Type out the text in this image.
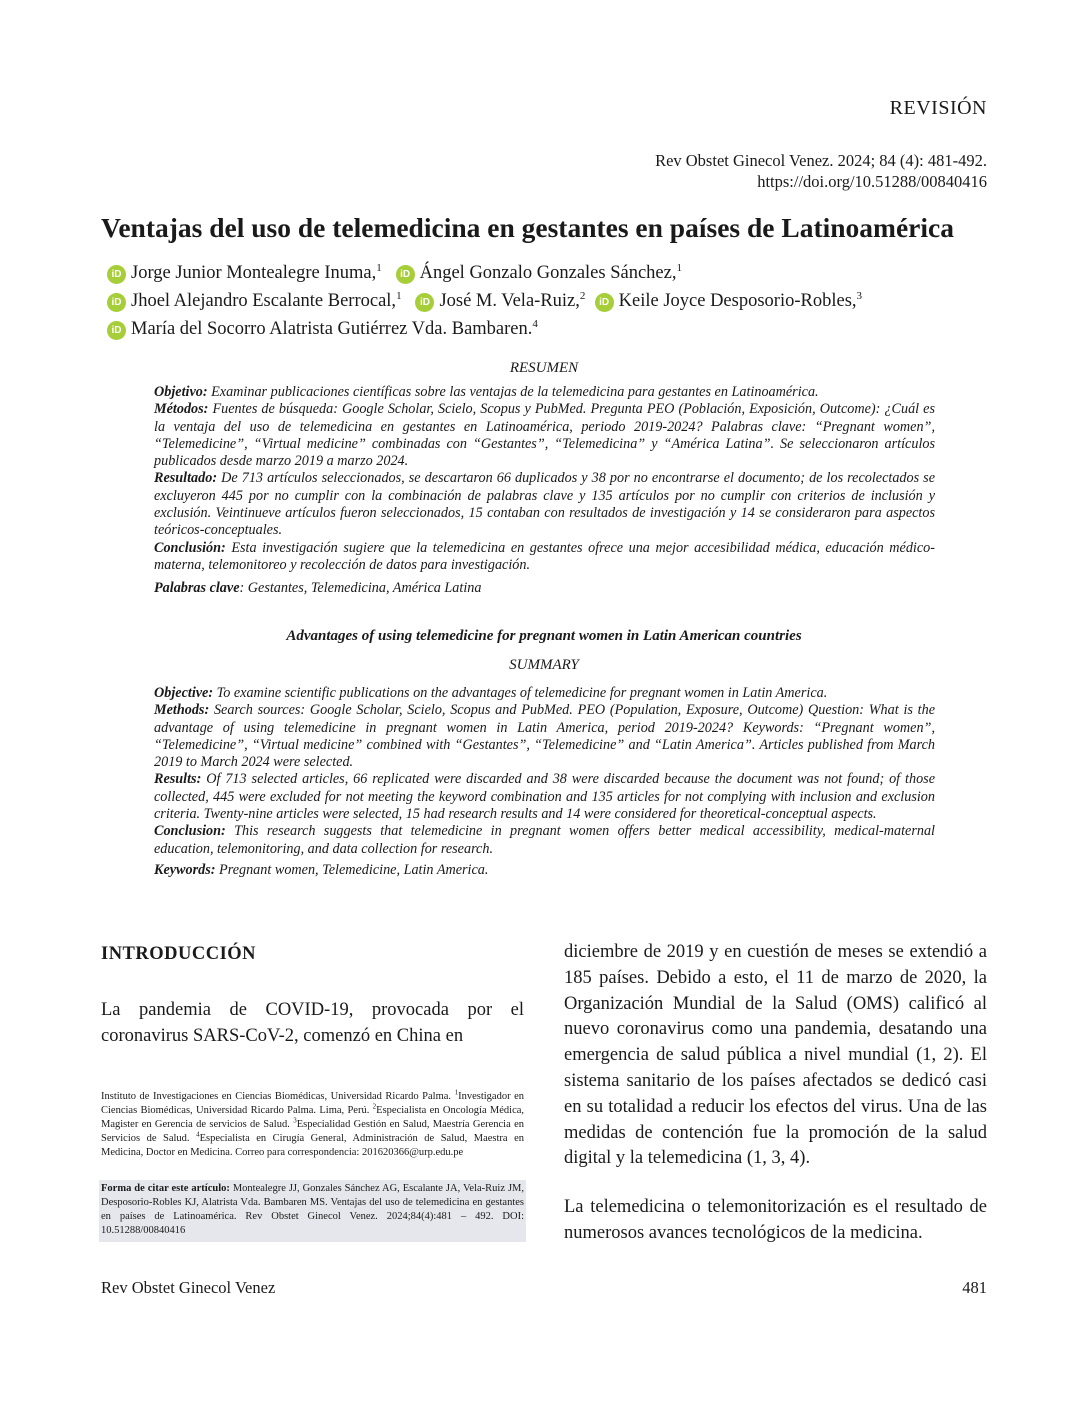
REVISIÓN
Rev Obstet Ginecol Venez. 2024; 84 (4): 481-492.
https://doi.org/10.51288/00840416
Ventajas del uso de telemedicina en gestantes en países de Latinoamérica
iD Jorge Junior Montealegre Inuma,$^1$   iD Ángel Gonzalo Gonzales Sánchez,$^1$
iD Jhoel Alejandro Escalante Berrocal,$^1$   iD José M. Vela-Ruiz,$^2$  iD Keile Joyce Desposorio-Robles,$^3$
iD María del Socorro Alatrista Gutiérrez Vda. Bambaren.$^4$
RESUMEN

Objetivo: Examinar publicaciones científicas sobre las ventajas de la telemedicina para gestantes en Latinoamérica.

Métodos: Fuentes de búsqueda: Google Scholar, Scielo, Scopus y PubMed. Pregunta PEO (Población, Exposición, Outcome): ¿Cuál es la ventaja del uso de telemedicina en gestantes en Latinoamérica, periodo 2019-2024? Palabras clave: “Pregnant women”, “Telemedicine”, “Virtual medicine” combinadas con “Gestantes”, “Telemedicina” y “América Latina”. Se seleccionaron artículos publicados desde marzo 2019 a marzo 2024.

Resultado: De 713 artículos seleccionados, se descartaron 66 duplicados y 38 por no encontrarse el documento; de los recolectados se excluyeron 445 por no cumplir con la combinación de palabras clave y 135 artículos por no cumplir con criterios de inclusión y exclusión. Veintinueve artículos fueron seleccionados, 15 contaban con resultados de investigación y 14 se consideraron para aspectos teóricos-conceptuales.

Conclusión: Esta investigación sugiere que la telemedicina en gestantes ofrece una mejor accesibilidad médica, educación médico-materna, telemonitoreo y recolección de datos para investigación.

Palabras clave: Gestantes, Telemedicina, América Latina

Advantages of using telemedicine for pregnant women in Latin American countries
SUMMARY

Objective: To examine scientific publications on the advantages of telemedicine for pregnant women in Latin America.

Methods: Search sources: Google Scholar, Scielo, Scopus and PubMed. PEO (Population, Exposure, Outcome) Question: What is the advantage of using telemedicine in pregnant women in Latin America, period 2019-2024? Keywords: “Pregnant women”, “Telemedicine”, “Virtual medicine” combined with “Gestantes”, “Telemedicine” and “Latin America”. Articles published from March 2019 to March 2024 were selected.

Results: Of 713 selected articles, 66 replicated were discarded and 38 were discarded because the document was not found; of those collected, 445 were excluded for not meeting the keyword combination and 135 articles for not complying with inclusion and exclusion criteria. Twenty-nine articles were selected, 15 had research results and 14 were considered for theoretical-conceptual aspects.

Conclusion: This research suggests that telemedicine in pregnant women offers better medical accessibility, medical-maternal education, telemonitoring, and data collection for research.

Keywords: Pregnant women, Telemedicine, Latin America.

INTRODUCCIÓN
La pandemia de COVID-19, provocada por el coronavirus SARS-CoV-2, comenzó en China en
Instituto de Investigaciones en Ciencias Biomédicas, Universidad Ricardo Palma. $^1$Investigador en Ciencias Biomédicas, Universidad Ricardo Palma. Lima, Perú. $^2$Especialista en Oncología Médica, Magister en Gerencia de servicios de Salud. $^3$Especialidad Gestión en Salud, Maestría Gerencia en Servicios de Salud. $^4$Especialista en Cirugía General, Administración de Salud, Maestra en Medicina, Doctor en Medicina. Correo para correspondencia: 201620366@urp.edu.pe
Forma de citar este artículo: Montealegre JJ, Gonzales Sánchez AG, Escalante JA, Vela-Ruiz JM, Desposorio-Robles KJ, Alatrista Vda. Bambaren MS. Ventajas del uso de telemedicina en gestantes en países de Latinoamérica. Rev Obstet Ginecol Venez. 2024;84(4):481 – 492. DOI: 10.51288/00840416

diciembre de 2019 y en cuestión de meses se extendió a 185 países. Debido a esto, el 11 de marzo de 2020, la Organización Mundial de la Salud (OMS) calificó al nuevo coronavirus como una pandemia, desatando una emergencia de salud pública a nivel mundial (1, 2). El sistema sanitario de los países afectados se dedicó casi en su totalidad a reducir los efectos del virus. Una de las medidas de contención fue la promoción de la salud digital y la telemedicina (1, 3, 4).

La telemedicina o telemonitorización es el resultado de numerosos avances tecnológicos de la medicina.

Rev Obstet Ginecol Venez	481
